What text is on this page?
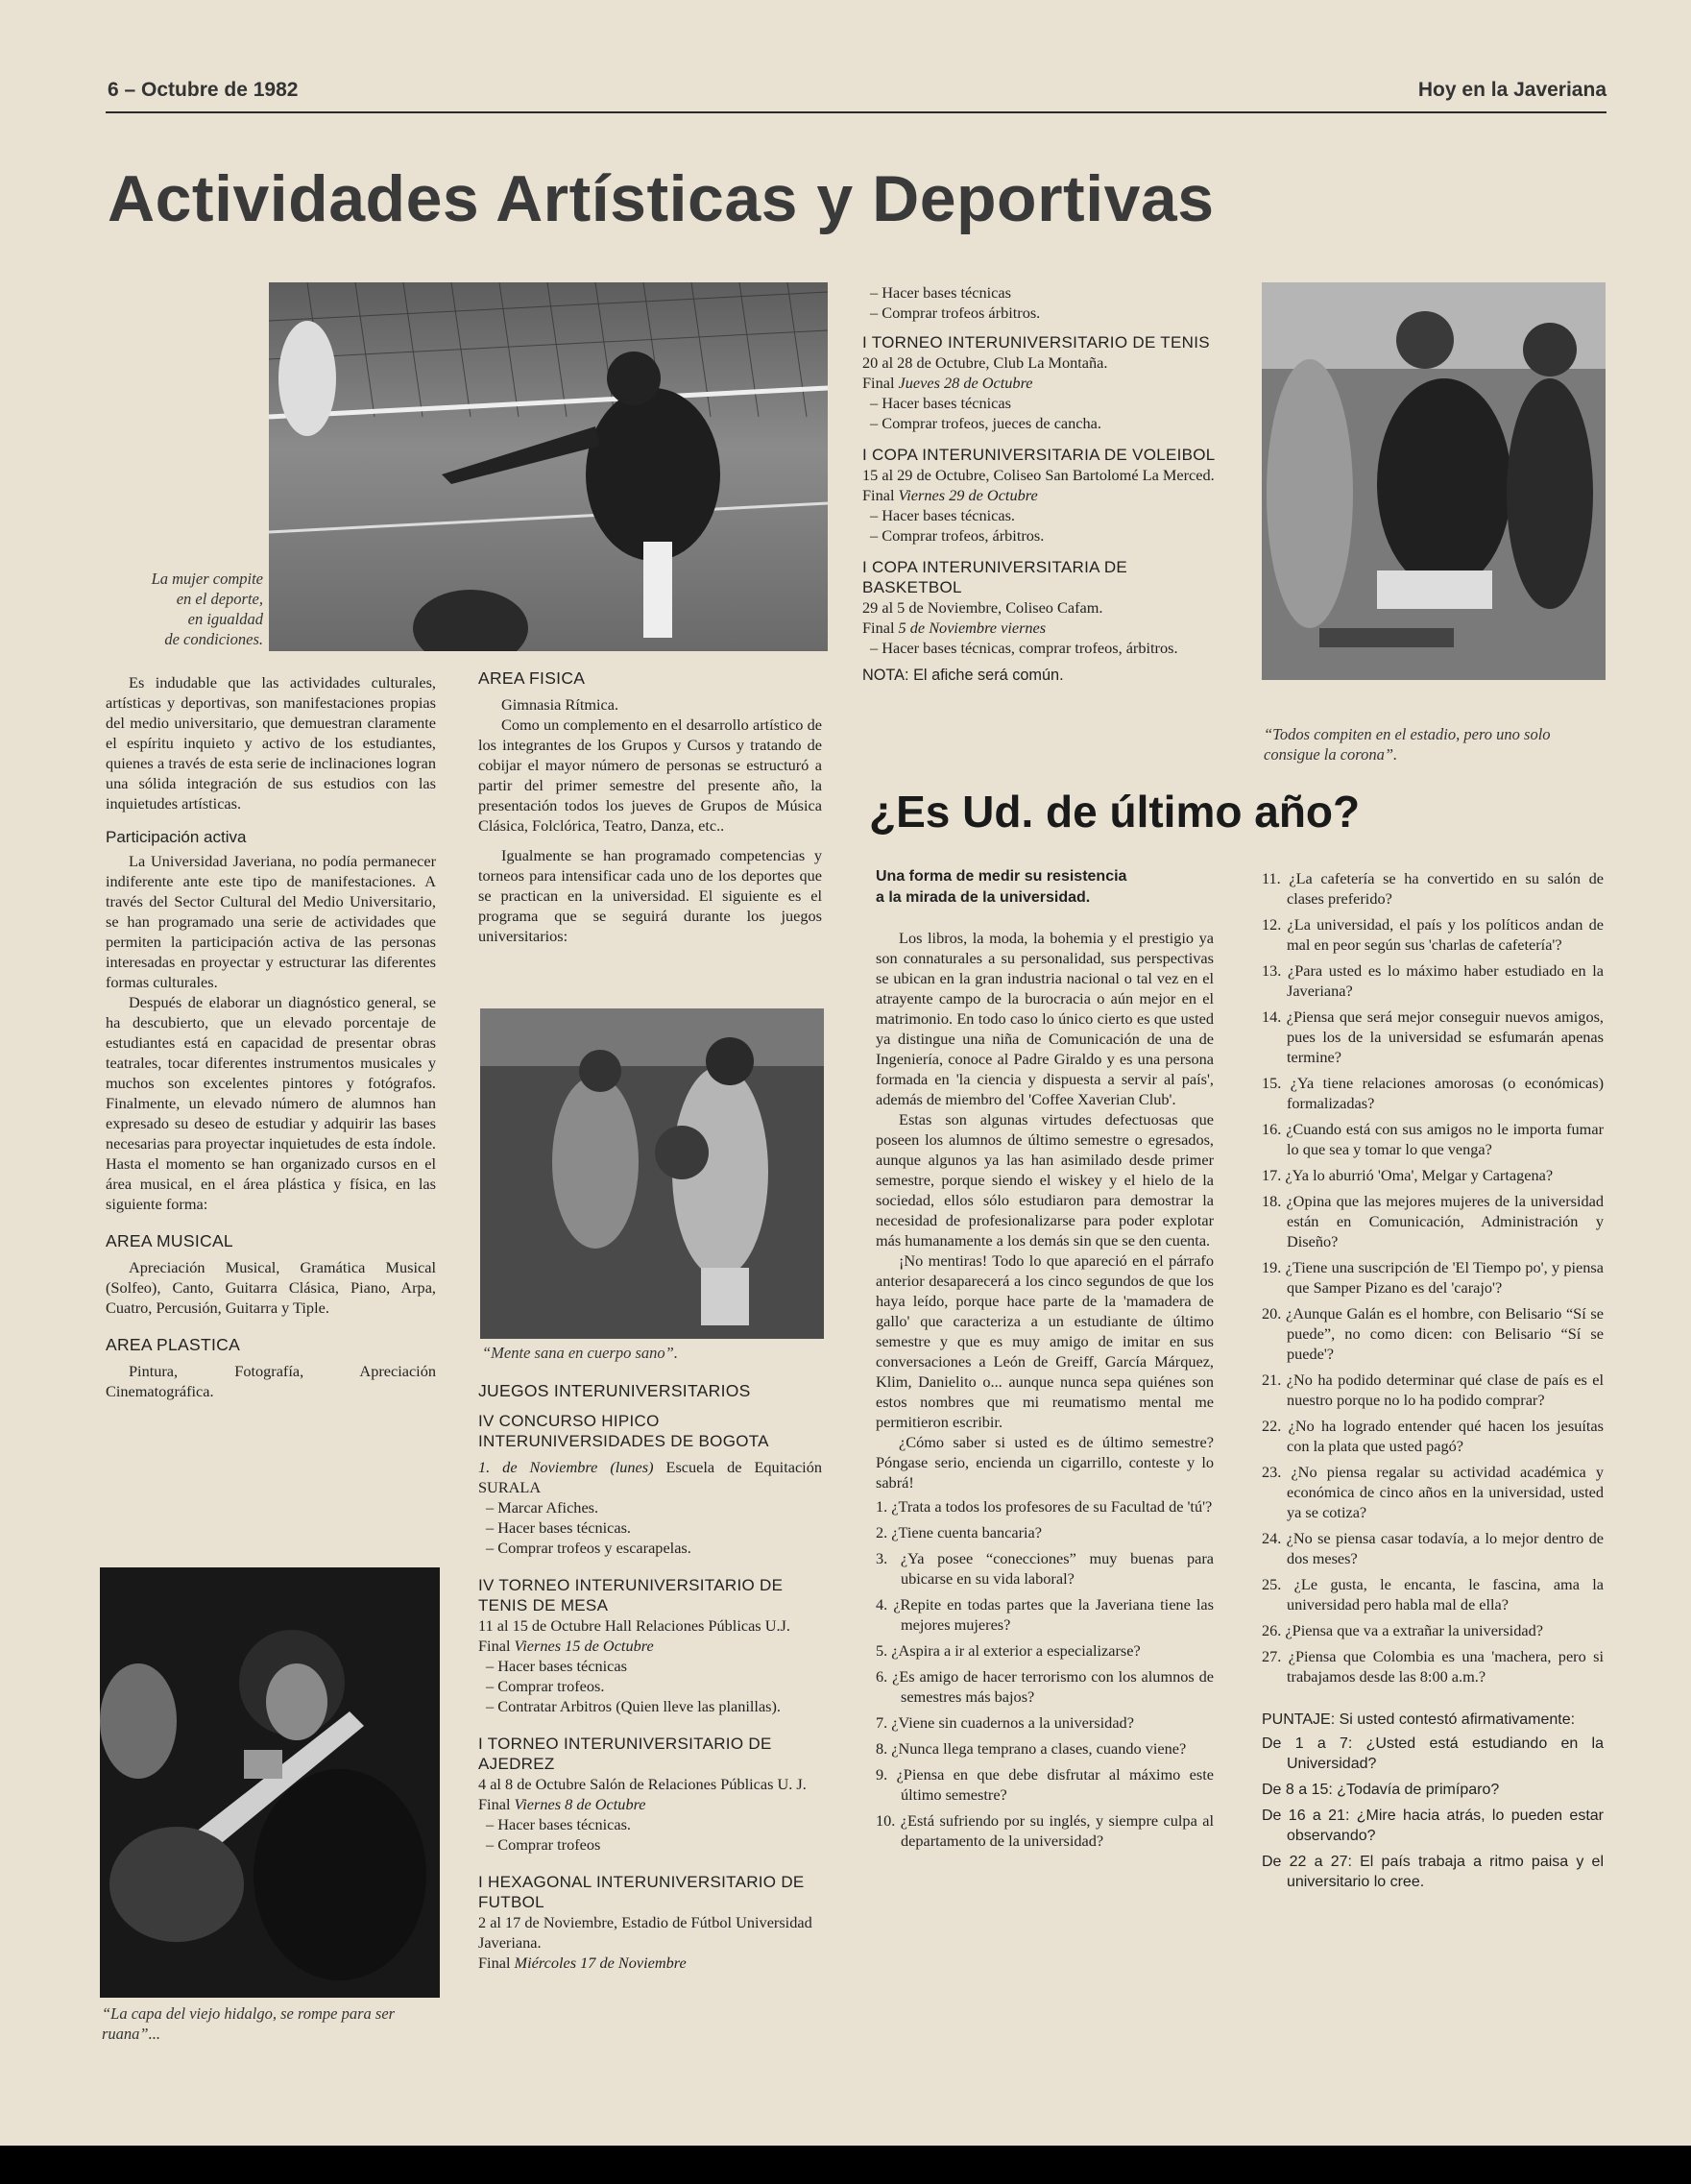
6 – Octubre de 1982	Hoy en la Javeriana
Actividades Artísticas y Deportivas
La mujer compite
en el deporte,
en igualdad
de condiciones.
“Todos compiten en el estadio, pero uno solo consigue la corona”.

Es indudable que las actividades culturales, artísticas y deportivas, son manifestaciones propias del medio universitario, que demuestran claramente el espíritu inquieto y activo de los estudiantes, quienes a través de esta serie de inclinaciones logran una sólida integración de sus estudios con las inquietudes artísticas.

Participación activa

La Universidad Javeriana, no podía permanecer indiferente ante este tipo de manifestaciones. A través del Sector Cultural del Medio Universitario, se han programado una serie de actividades que permiten la participación activa de las personas interesadas en proyectar y estructurar las diferentes formas culturales.

Después de elaborar un diagnóstico general, se ha descubierto, que un elevado porcentaje de estudiantes está en capacidad de presentar obras teatrales, tocar diferentes instrumentos musicales y muchos son excelentes pintores y fotógrafos. Finalmente, un elevado número de alumnos han expresado su deseo de estudiar y adquirir las bases necesarias para proyectar inquietudes de esta índole. Hasta el momento se han organizado cursos en el área musical, en el área plástica y física, en las siguiente forma:

AREA MUSICAL

Apreciación Musical, Gramática Musical (Solfeo), Canto, Guitarra Clásica, Piano, Arpa, Cuatro, Percusión, Guitarra y Tiple.

AREA PLASTICA

Pintura, Fotografía, Apreciación Cinematográfica.

“La capa del viejo hidalgo, se rompe para ser ruana”...
AREA FISICA

Gimnasia Rítmica.

Como un complemento en el desarrollo artístico de los integrantes de los Grupos y Cursos y tratando de cobijar el mayor número de personas se estructuró a partir del primer semestre del presente año, la presentación todos los jueves de Grupos de Música Clásica, Folclórica, Teatro, Danza, etc..

Igualmente se han programado competencias y torneos para intensificar cada uno de los deportes que se practican en la universidad. El siguiente es el programa que se seguirá durante los juegos universitarios:

“Mente sana en cuerpo sano”.
JUEGOS INTERUNIVERSITARIOS
IV CONCURSO HIPICO INTERUNIVERSIDADES DE BOGOTA

1. de Noviembre (lunes) Escuela de Equitación SURALA

– Marcar Afiches.
– Hacer bases técnicas.
– Comprar trofeos y escarapelas.
IV TORNEO INTERUNIVERSITARIO DE TENIS DE MESA
11 al 15 de Octubre Hall Relaciones Públicas U.J.
Final Viernes 15 de Octubre
– Hacer bases técnicas
– Comprar trofeos.
– Contratar Arbitros (Quien lleve las planillas).
I TORNEO INTERUNIVERSITARIO DE AJEDREZ
4 al 8 de Octubre Salón de Relaciones Públicas U. J.
Final Viernes 8 de Octubre
– Hacer bases técnicas.
– Comprar trofeos
I HEXAGONAL INTERUNIVERSITARIO DE FUTBOL
2 al 17 de Noviembre, Estadio de Fútbol Universidad Javeriana.
Final Miércoles 17 de Noviembre
– Hacer bases técnicas
– Comprar trofeos árbitros.
I TORNEO INTERUNIVERSITARIO DE TENIS
20 al 28 de Octubre, Club La Montaña.
Final Jueves 28 de Octubre
– Hacer bases técnicas
– Comprar trofeos, jueces de cancha.
I COPA INTERUNIVERSITARIA DE VOLEIBOL
15 al 29 de Octubre, Coliseo San Bartolomé La Merced.
Final Viernes 29 de Octubre
– Hacer bases técnicas.
– Comprar trofeos, árbitros.
I COPA INTERUNIVERSITARIA DE BASKETBOL
29 al 5 de Noviembre, Coliseo Cafam.
Final 5 de Noviembre viernes
– Hacer bases técnicas, comprar trofeos, árbitros.
NOTA: El afiche será común.
¿Es Ud. de último año?
Una forma de medir su resistencia
a la mirada de la universidad.

Los libros, la moda, la bohemia y el prestigio ya son connaturales a su personalidad, sus perspectivas se ubican en la gran industria nacional o tal vez en el atrayente campo de la burocracia o aún mejor en el matrimonio. En todo caso lo único cierto es que usted ya distingue una niña de Comunicación de una de Ingeniería, conoce al Padre Giraldo y es una persona formada en 'la ciencia y dispuesta a servir al país', además de miembro del 'Coffee Xaverian Club'.

Estas son algunas virtudes defectuosas que poseen los alumnos de último semestre o egresados, aunque algunos ya las han asimilado desde primer semestre, porque siendo el wiskey y el hielo de la sociedad, ellos sólo estudiaron para demostrar la necesidad de profesionalizarse para poder explotar más humanamente a los demás sin que se den cuenta.

¡No mentiras! Todo lo que apareció en el párrafo anterior desaparecerá a los cinco segundos de que los haya leído, porque hace parte de la 'mamadera de gallo' que caracteriza a un estudiante de último semestre y que es muy amigo de imitar en sus conversaciones a León de Greiff, García Márquez, Klim, Danielito o... aunque nunca sepa quiénes son estos nombres que mi reumatismo mental me permitieron escribir.

¿Cómo saber si usted es de último semestre? Póngase serio, encienda un cigarrillo, conteste y lo sabrá!

1. ¿Trata a todos los profesores de su Facultad de 'tú'?
2. ¿Tiene cuenta bancaria?
3. ¿Ya posee “conecciones” muy buenas para ubicarse en su vida laboral?
4. ¿Repite en todas partes que la Javeriana tiene las mejores mujeres?
5. ¿Aspira a ir al exterior a especializarse?
6. ¿Es amigo de hacer terrorismo con los alumnos de semestres más bajos?
7. ¿Viene sin cuadernos a la universidad?
8. ¿Nunca llega temprano a clases, cuando viene?
9. ¿Piensa en que debe disfrutar al máximo este último semestre?
10. ¿Está sufriendo por su inglés, y siempre culpa al departamento de la universidad?
11. ¿La cafetería se ha convertido en su salón de clases preferido?
12. ¿La universidad, el país y los políticos andan de mal en peor según sus 'charlas de cafetería'?
13. ¿Para usted es lo máximo haber estudiado en la Javeriana?
14. ¿Piensa que será mejor conseguir nuevos amigos, pues los de la universidad se esfumarán apenas termine?
15. ¿Ya tiene relaciones amorosas (o económicas) formalizadas?
16. ¿Cuando está con sus amigos no le importa fumar lo que sea y tomar lo que venga?
17. ¿Ya lo aburrió 'Oma', Melgar y Cartagena?
18. ¿Opina que las mejores mujeres de la universidad están en Comunicación, Administración y Diseño?
19. ¿Tiene una suscripción de 'El Tiempo po', y piensa que Samper Pizano es del 'carajo'?
20. ¿Aunque Galán es el hombre, con Belisario “Sí se puede”, no como dicen: con Belisario “Sí se puede'?
21. ¿No ha podido determinar qué clase de país es el nuestro porque no lo ha podido comprar?
22. ¿No ha logrado entender qué hacen los jesuítas con la plata que usted pagó?
23. ¿No piensa regalar su actividad académica y económica de cinco años en la universidad, usted ya se cotiza?
24. ¿No se piensa casar todavía, a lo mejor dentro de dos meses?
25. ¿Le gusta, le encanta, le fascina, ama la universidad pero habla mal de ella?
26. ¿Piensa que va a extrañar la universidad?
27. ¿Piensa que Colombia es una 'machera, pero si trabajamos desde las 8:00 a.m.?
PUNTAJE: Si usted contestó afirmativamente:
De 1 a 7: ¿Usted está estudiando en la Universidad?
De 8 a 15: ¿Todavía de primíparo?
De 16 a 21: ¿Mire hacia atrás, lo pueden estar observando?
De 22 a 27: El país trabaja a ritmo paisa y el universitario lo cree.
